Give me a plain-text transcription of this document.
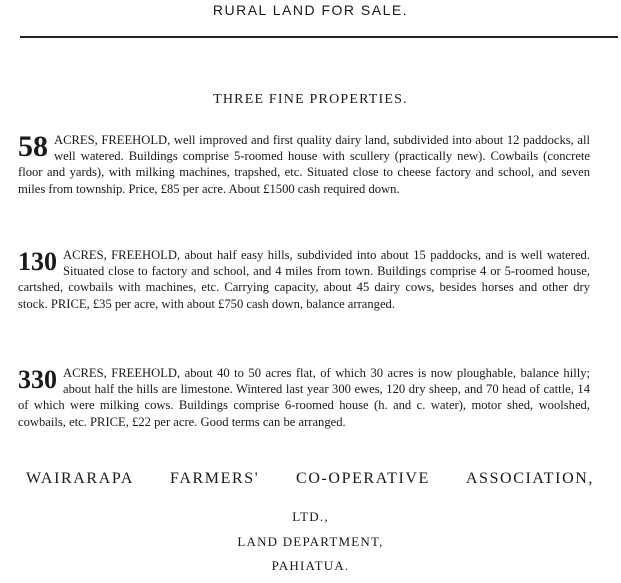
RURAL LAND FOR SALE.
THREE FINE PROPERTIES.
58 ACRES, FREEHOLD, well improved and first quality dairy land, subdivided into about 12 paddocks, all well watered. Buildings comprise 5-roomed house with scullery (practically new). Cowbails (concrete floor and yards), with milking machines, trapshed, etc. Situated close to cheese factory and school, and seven miles from township. Price, £85 per acre. About £1500 cash required down.
130 ACRES, FREEHOLD, about half easy hills, subdivided into about 15 paddocks, and is well watered. Situated close to factory and school, and 4 miles from town. Buildings comprise 4 or 5-roomed house, cartshed, cowbails with machines, etc. Carrying capacity, about 45 dairy cows, besides horses and other dry stock. PRICE, £35 per acre, with about £750 cash down, balance arranged.
330 ACRES, FREEHOLD, about 40 to 50 acres flat, of which 30 acres is now ploughable, balance hilly; about half the hills are limestone. Wintered last year 300 ewes, 120 dry sheep, and 70 head of cattle, 14 of which were milking cows. Buildings comprise 6-roomed house (h. and c. water), motor shed, woolshed, cowbails, etc. PRICE, £22 per acre. Good terms can be arranged.
WAIRARAPA FARMERS' CO-OPERATIVE ASSOCIATION,
LTD.,
LAND DEPARTMENT,
PAHIATUA.
